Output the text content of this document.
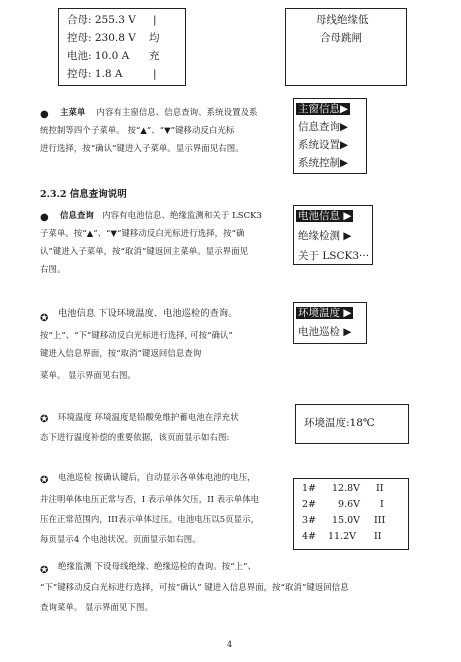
合母: 255.3 V |
控母: 230.8 V 均
电池: 10.0 A 充
控母: 1.8 A	|
母线绝缘低
合母跳闸
● 主菜单 内容有主窗信息、信息查询、系统设置及系
统控制等四个子菜单。 按“▲”、“▼”键移动反白光标
进行选择，按“确认”键进入子菜单。显示界面见右图。
主窗信息▶
信息查询▶
系统设置▶
系统控制▶
2.3.2 信息查询说明
● 信息查询 内容有电池信息、绝缘监测和关于 LSCK3
子菜单。按“▲”、“▼”键移动反白光标进行选择，按“确
认”键进入子菜单，按“取消”键返回主菜单。显示界面见
右图。
电池信息 ▶
绝缘检测 ▶
关于 LSCK3···
✪ 电池信息 下设环境温度、电池巡检的查询。
按“上”、“下”键移动反白光标进行选择, 可按“确认”
键进入信息界面，按“取消”键返回信息查询
菜单。 显示界面见右图。
环境温度 ▶
电池巡检 ▶
✪ 环境温度 环境温度是铅酸免维护蓄电池在浮充状
态下进行温度补偿的重要依据，该页面显示如右图:
环境温度:18℃
✪ 电池巡检 按确认键后，自动显示各单体电池的电压，
并注明单体电压正常与否，I 表示单体欠压，II 表示单体电
压在正常范围内，III表示单体过压。电池电压以5页显示，
每页显示4 个电池状况。页面显示如右图。
1# 12.8V II
2# 9.6V I
3# 15.0V III
4# 11.2V II
✪ 绝缘监测 下设母线绝缘、绝缘巡检的查询。按“上”、
“下”键移动反白光标进行选择，可按“确认” 键进入信息界面，按“取消”键返回信息
查询菜单。 显示界面见下图。
4
